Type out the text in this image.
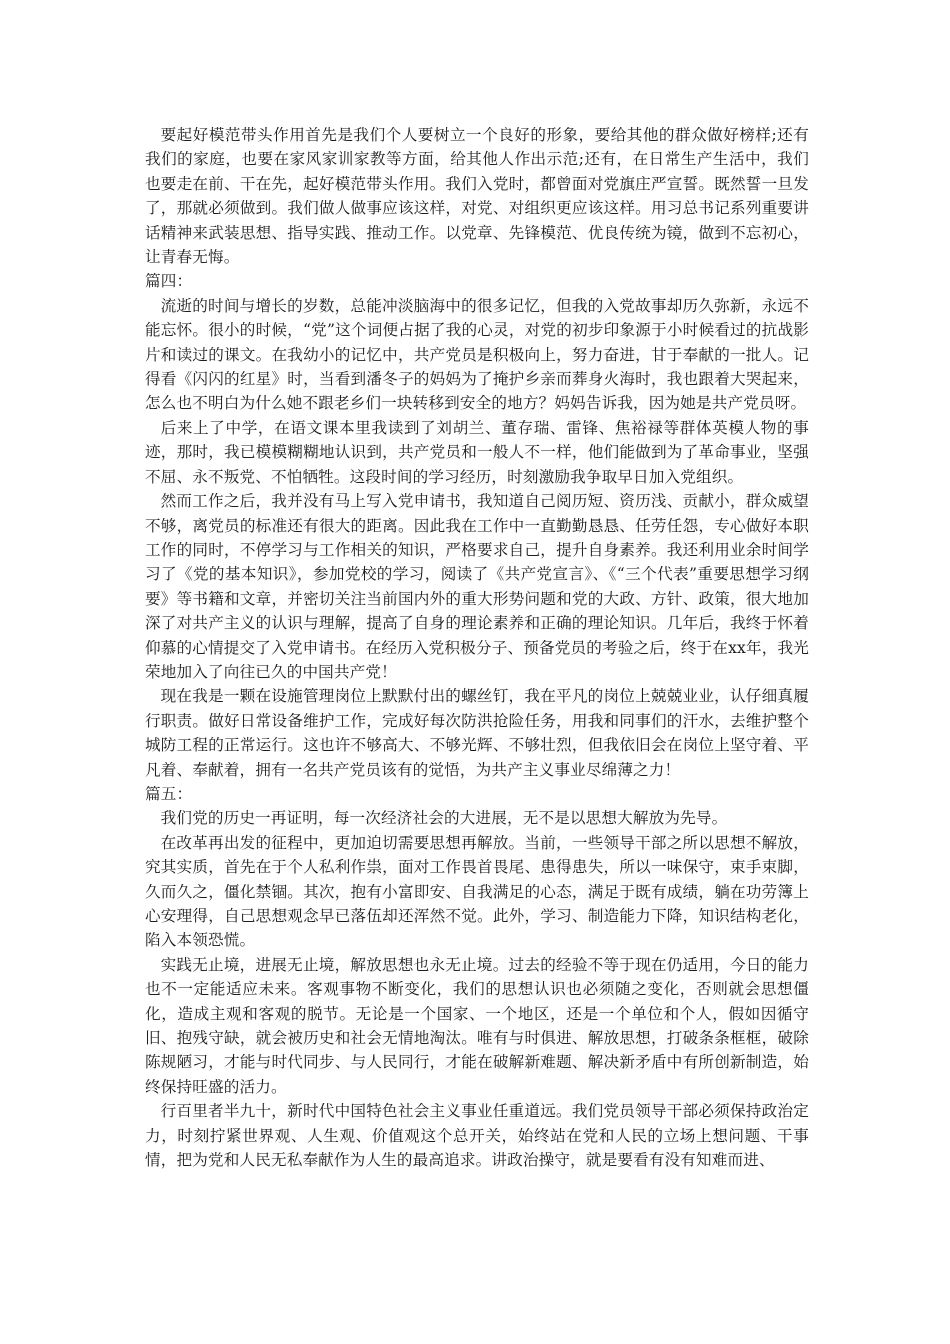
要起好模范带头作用首先是我们个人要树立一个良好的形象，要给其他的群众做好榜样;还有我们的家庭，也要在家风家训家教等方面，给其他人作出示范;还有，在日常生产生活中，我们也要走在前、干在先，起好模范带头作用。我们入党时，都曾面对党旗庄严宣誓。既然誓一旦发了，那就必须做到。我们做人做事应该这样，对党、对组织更应该这样。用习总书记系列重要讲话精神来武装思想、指导实践、推动工作。以党章、先锋模范、优良传统为镜，做到不忘初心，让青春无悔。

篇四：

流逝的时间与增长的岁数，总能冲淡脑海中的很多记忆，但我的入党故事却历久弥新，永远不能忘怀。很小的时候，“党”这个词便占据了我的心灵，对党的初步印象源于小时候看过的抗战影片和读过的课文。在我幼小的记忆中，共产党员是积极向上，努力奋进，甘于奉献的一批人。记得看《闪闪的红星》时，当看到潘冬子的妈妈为了掩护乡亲而葬身火海时，我也跟着大哭起来，怎么也不明白为什么她不跟老乡们一块转移到安全的地方？妈妈告诉我，因为她是共产党员呀。

后来上了中学，在语文课本里我读到了刘胡兰、董存瑞、雷锋、焦裕禄等群体英模人物的事迹，那时，我已模模糊糊地认识到，共产党员和一般人不一样，他们能做到为了革命事业，坚强不屈、永不叛党、不怕牺牲。这段时间的学习经历，时刻激励我争取早日加入党组织。

然而工作之后，我并没有马上写入党申请书，我知道自己阅历短、资历浅、贡献小，群众威望不够，离党员的标准还有很大的距离。因此我在工作中一直勤勤恳恳、任劳任怨，专心做好本职工作的同时，不停学习与工作相关的知识，严格要求自己，提升自身素养。我还利用业余时间学习了《党的基本知识》，参加党校的学习，阅读了《共产党宣言》、《“三个代表”重要思想学习纲要》等书籍和文章，并密切关注当前国内外的重大形势问题和党的大政、方针、政策，很大地加深了对共产主义的认识与理解，提高了自身的理论素养和正确的理论知识。几年后，我终于怀着仰慕的心情提交了入党申请书。在经历入党积极分子、预备党员的考验之后，终于在xx年，我光荣地加入了向往已久的中国共产党！

现在我是一颗在设施管理岗位上默默付出的螺丝钉，我在平凡的岗位上兢兢业业，认仔细真履行职责。做好日常设备维护工作，完成好每次防洪抢险任务，用我和同事们的汗水，去维护整个城防工程的正常运行。这也许不够高大、不够光辉、不够壮烈，但我依旧会在岗位上坚守着、平凡着、奉献着，拥有一名共产党员该有的觉悟，为共产主义事业尽绵薄之力！

篇五：

我们党的历史一再证明，每一次经济社会的大进展，无不是以思想大解放为先导。

在改革再出发的征程中，更加迫切需要思想再解放。当前，一些领导干部之所以思想不解放，究其实质，首先在于个人私利作祟，面对工作畏首畏尾、患得患失，所以一味保守，束手束脚，久而久之，僵化禁锢。其次，抱有小富即安、自我满足的心态，满足于既有成绩，躺在功劳簿上心安理得，自己思想观念早已落伍却还浑然不觉。此外，学习、制造能力下降，知识结构老化，陷入本领恐慌。

实践无止境，进展无止境，解放思想也永无止境。过去的经验不等于现在仍适用，今日的能力也不一定能适应未来。客观事物不断变化，我们的思想认识也必须随之变化，否则就会思想僵化，造成主观和客观的脱节。无论是一个国家、一个地区，还是一个单位和个人，假如因循守旧、抱残守缺，就会被历史和社会无情地淘汰。唯有与时俱进、解放思想，打破条条框框，破除陈规陋习，才能与时代同步、与人民同行，才能在破解新难题、解决新矛盾中有所创新制造，始终保持旺盛的活力。

行百里者半九十，新时代中国特色社会主义事业任重道远。我们党员领导干部必须保持政治定力，时刻拧紧世界观、人生观、价值观这个总开关，始终站在党和人民的立场上想问题、干事情，把为党和人民无私奉献作为人生的最高追求。讲政治操守，就是要看有没有知难而进、
